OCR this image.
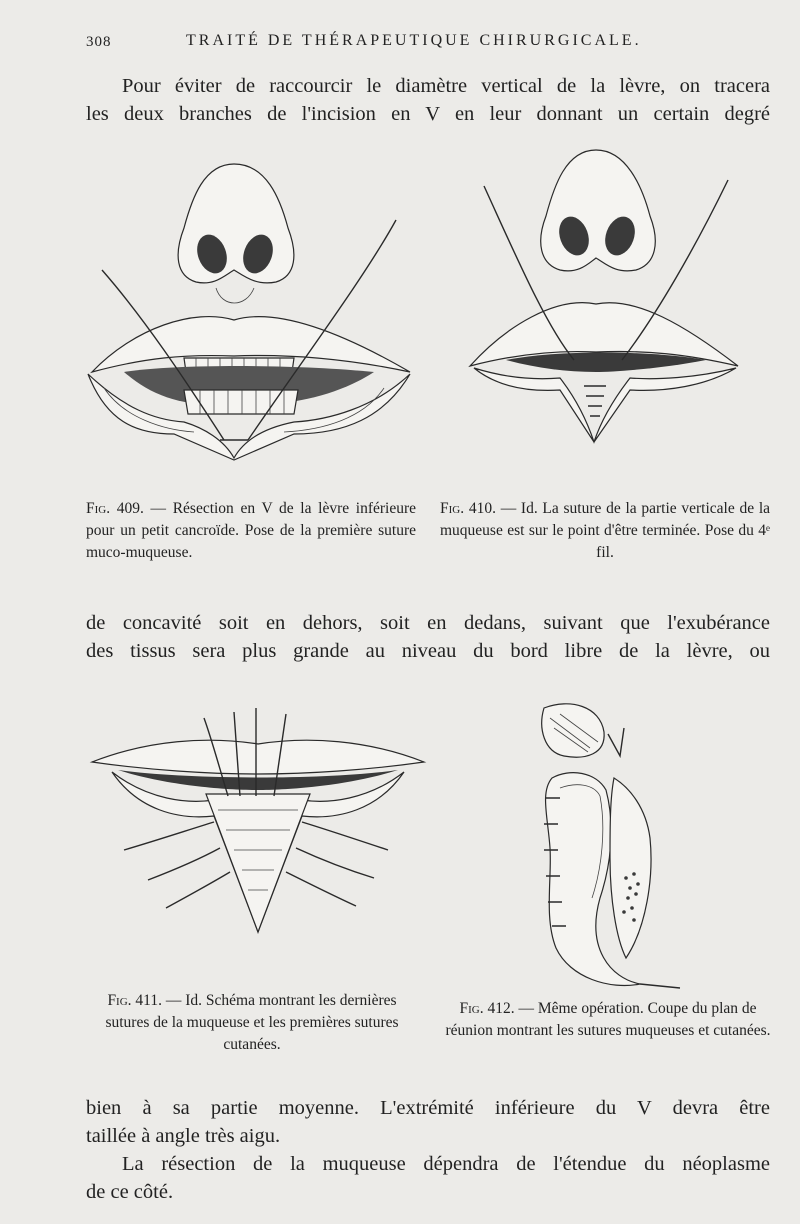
308	TRAITÉ DE THÉRAPEUTIQUE CHIRURGICALE.
Pour éviter de raccourcir le diamètre vertical de la lèvre, on tracera
les deux branches de l'incision en V en leur donnant un certain degré
Fig. 409. — Résection en V de la lèvre inférieure pour un petit cancroïde. Pose de la première suture muco-muqueuse.
Fig. 410. — Id. La suture de la partie verticale de la muqueuse est sur le point d'être terminée. Pose du 4ᵉ fil.
de concavité soit en dehors, soit en dedans, suivant que l'exubérance
des tissus sera plus grande au niveau du bord libre de la lèvre, ou
Fig. 411. — Id. Schéma montrant les dernières sutures de la muqueuse et les premières sutures cutanées.
Fig. 412. — Même opération. Coupe du plan de réunion montrant les sutures muqueuses et cutanées.
bien à sa partie moyenne. L'extrémité inférieure du V devra être
taillée à angle très aigu.
La résection de la muqueuse dépendra de l'étendue du néoplasme
de ce côté.
